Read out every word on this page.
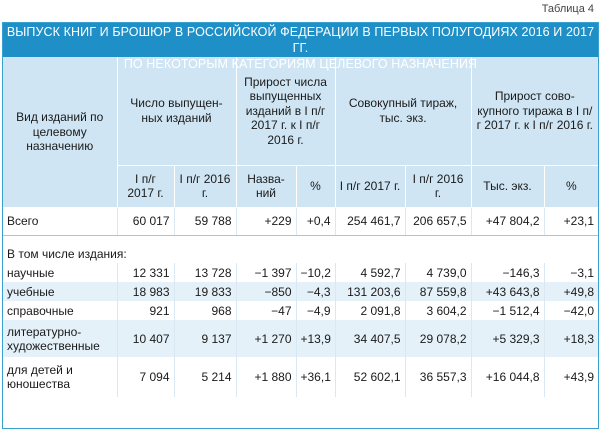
Таблица 4
ВЫПУСК КНИГ И БРОШЮР В РОССИЙСКОЙ ФЕДЕРАЦИИ В ПЕРВЫХ ПОЛУГОДИЯХ 2016 И 2017 ГГ.
ПО НЕКОТОРЫМ КАТЕГОРИЯМ ЦЕЛЕВОГО НАЗНАЧЕНИЯ
Вид изданий по целевому назначению	Число выпущен-ных изданий		Прирост числа выпущенных изданий в I п/г 2017 г. к I п/г 2016 г.		Совокупный тираж, тыс. экз.		Прирост сово-купного тиража в I п/г 2017 г. к I п/г 2016 г.	
	I п/г 2017 г.	I п/г 2016 г.	Назва-ний	%	I п/г 2017 г.	I п/г 2016 г.	Тыс. экз.	%
Всего	60 017	59 788	+229	+0,4	254 461,7	206 657,5	+47 804,2	+23,1
В том числе издания:								
научные	12 331	13 728	−1 397	−10,2	4 592,7	4 739,0	−146,3	−3,1
учебные	18 983	19 833	−850	−4,3	131 203,6	87 559,8	+43 643,8	+49,8
справочные	921	968	−47	−4,9	2 091,8	3 604,2	−1 512,4	−42,0
литературно-художественные	10 407	9 137	+1 270	+13,9	34 407,5	29 078,2	+5 329,3	+18,3
для детей и юношества	7 094	5 214	+1 880	+36,1	52 602,1	36 557,3	+16 044,8	+43,9
